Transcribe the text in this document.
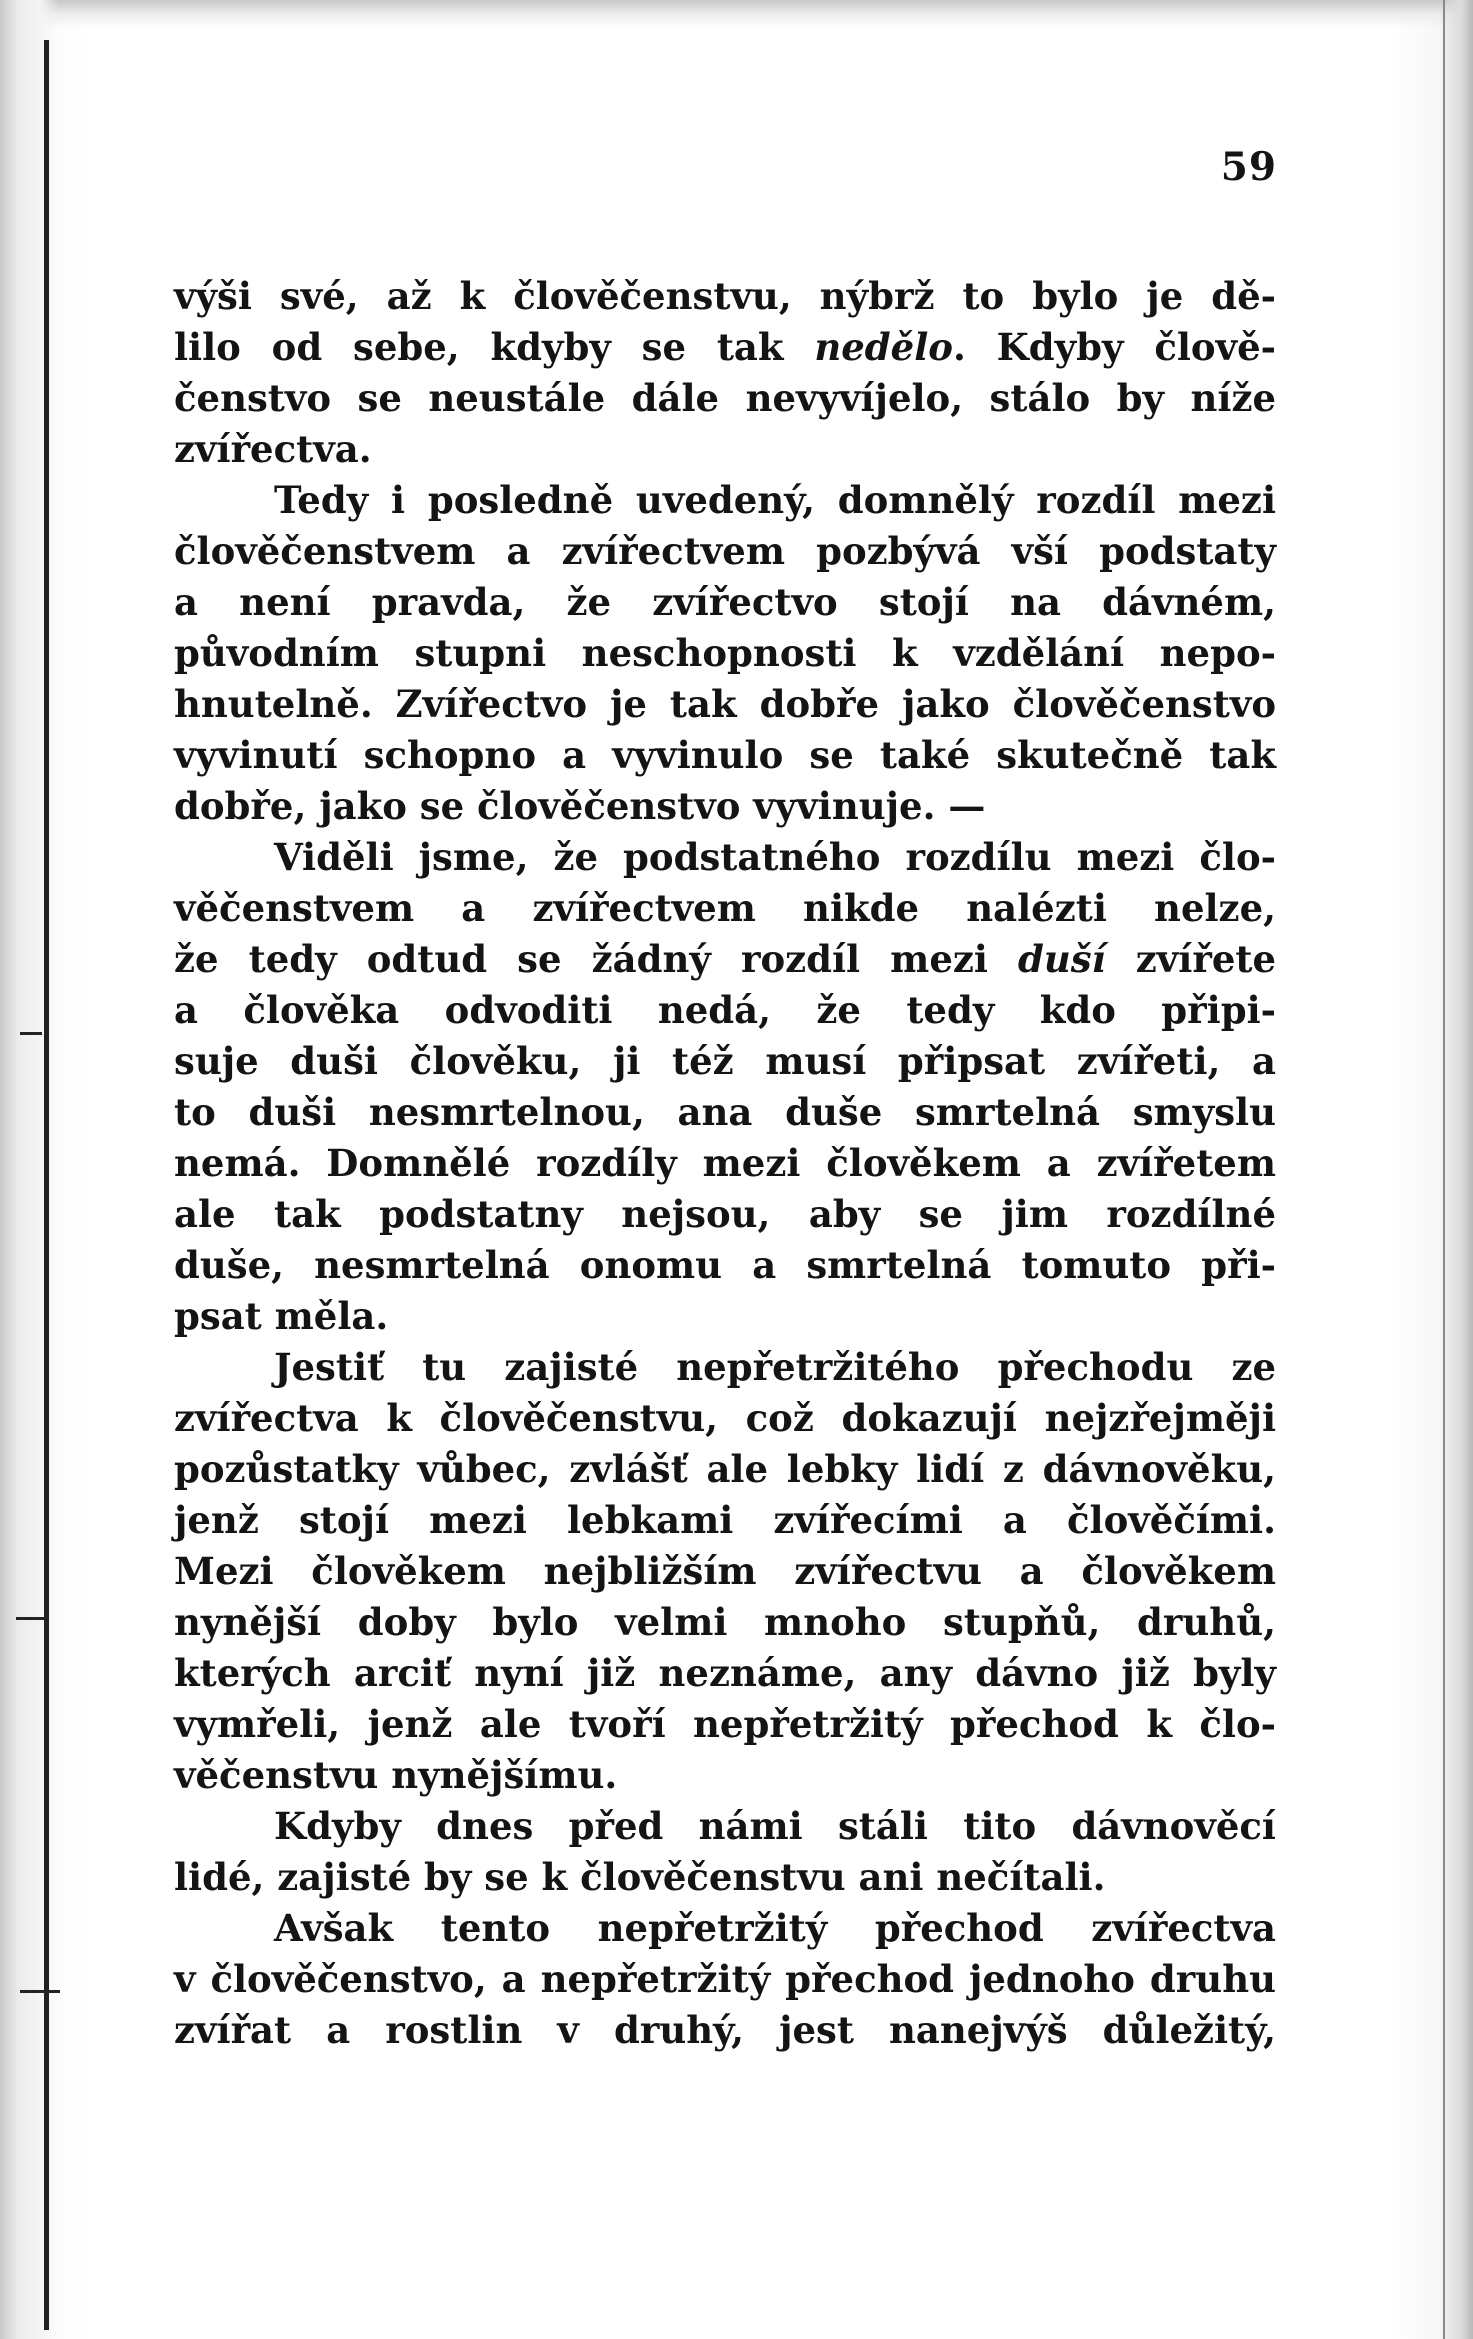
59
výši své, až k člověčenstvu, nýbrž to bylo je dě-
lilo od sebe, kdyby se tak nedělo. Kdyby člově-
čenstvo se neustále dále nevyvíjelo, stálo by níže
zvířectva.
Tedy i posledně uvedený, domnělý rozdíl mezi
člověčenstvem a zvířectvem pozbývá vší podstaty
a není pravda, že zvířectvo stojí na dávném,
původním stupni neschopnosti k vzdělání nepo-
hnutelně. Zvířectvo je tak dobře jako člověčenstvo
vyvinutí schopno a vyvinulo se také skutečně tak
dobře, jako se člověčenstvo vyvinuje. —
Viděli jsme, že podstatného rozdílu mezi člo-
věčenstvem a zvířectvem nikde nalézti nelze,
že tedy odtud se žádný rozdíl mezi duší zvířete
a člověka odvoditi nedá, že tedy kdo připi-
suje duši člověku, ji též musí připsat zvířeti, a
to duši nesmrtelnou, ana duše smrtelná smyslu
nemá. Domnělé rozdíly mezi člověkem a zvířetem
ale tak podstatny nejsou, aby se jim rozdílné
duše, nesmrtelná onomu a smrtelná tomuto při-
psat měla.
Jestiť tu zajisté nepřetržitého přechodu ze
zvířectva k člověčenstvu, což dokazují nejzřejměji
pozůstatky vůbec, zvlášť ale lebky lidí z dávnověku,
jenž stojí mezi lebkami zvířecími a člověčími.
Mezi člověkem nejbližším zvířectvu a člověkem
nynější doby bylo velmi mnoho stupňů, druhů,
kterých arciť nyní již neznáme, any dávno již byly
vymřeli, jenž ale tvoří nepřetržitý přechod k člo-
věčenstvu nynějšímu.
Kdyby dnes před námi stáli tito dávnověcí
lidé, zajisté by se k člověčenstvu ani nečítali.
Avšak tento nepřetržitý přechod zvířectva
v člověčenstvo, a nepřetržitý přechod jednoho druhu
zvířat a rostlin v druhý, jest nanejvýš důležitý,
